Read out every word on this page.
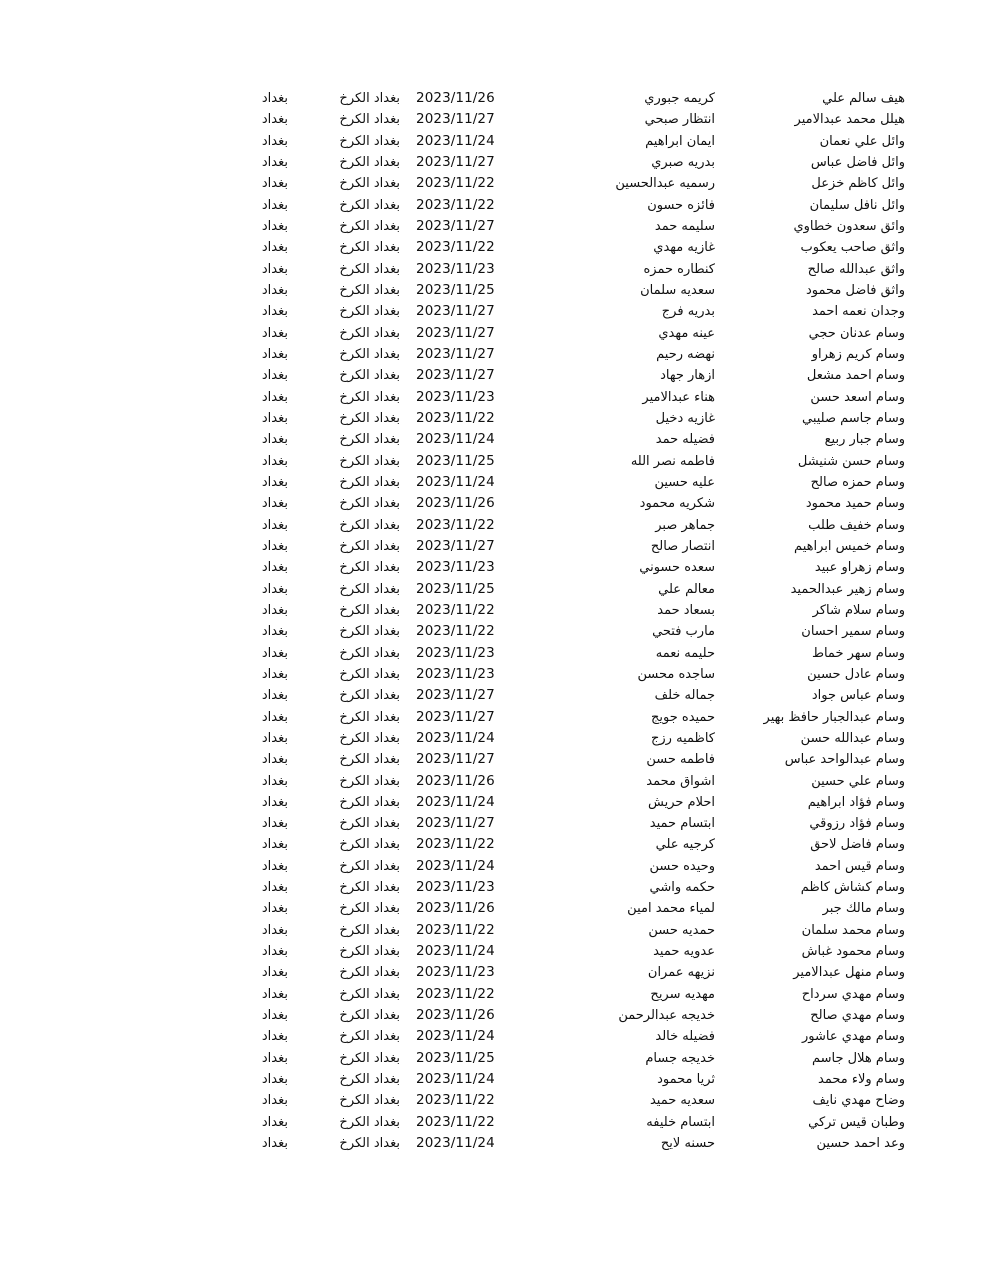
هيف سالم علي
كريمه جبوري
2023/11/26
بغداد الكرخ
بغداد
هيلل محمد عبدالامير
انتظار صبحي
2023/11/27
بغداد الكرخ
بغداد
وائل علي نعمان
ايمان ابراهيم
2023/11/24
بغداد الكرخ
بغداد
وائل فاضل عباس
بدريه صبري
2023/11/27
بغداد الكرخ
بغداد
وائل كاظم خزعل
رسميه عبدالحسين
2023/11/22
بغداد الكرخ
بغداد
وائل نافل سليمان
فائزه حسون
2023/11/22
بغداد الكرخ
بغداد
وائق سعدون خطاوي
سليمه حمد
2023/11/27
بغداد الكرخ
بغداد
واثق صاحب يعكوب
غازيه مهدي
2023/11/22
بغداد الكرخ
بغداد
واثق عبدالله صالح
كنطاره حمزه
2023/11/23
بغداد الكرخ
بغداد
واثق فاضل محمود
سعديه سلمان
2023/11/25
بغداد الكرخ
بغداد
وجدان نعمه احمد
بدريه فرج
2023/11/27
بغداد الكرخ
بغداد
وسام عدنان حجي
عينه مهدي
2023/11/27
بغداد الكرخ
بغداد
وسام كريم زهراو
نهضه رحيم
2023/11/27
بغداد الكرخ
بغداد
وسام احمد مشعل
ازهار جهاد
2023/11/27
بغداد الكرخ
بغداد
وسام اسعد حسن
هناء عبدالامير
2023/11/23
بغداد الكرخ
بغداد
وسام جاسم صليبي
غازيه دخيل
2023/11/22
بغداد الكرخ
بغداد
وسام جبار ربيع
فضيله حمد
2023/11/24
بغداد الكرخ
بغداد
وسام حسن شنيشل
فاطمه نصر الله
2023/11/25
بغداد الكرخ
بغداد
وسام حمزه صالح
عليه حسين
2023/11/24
بغداد الكرخ
بغداد
وسام حميد محمود
شكريه محمود
2023/11/26
بغداد الكرخ
بغداد
وسام خفيف طلب
جماهر صبر
2023/11/22
بغداد الكرخ
بغداد
وسام خميس ابراهيم
انتصار صالح
2023/11/27
بغداد الكرخ
بغداد
وسام زهراو عبيد
سعده حسوني
2023/11/23
بغداد الكرخ
بغداد
وسام زهير عبدالحميد
معالم علي
2023/11/25
بغداد الكرخ
بغداد
وسام سلام شاكر
بسعاد حمد
2023/11/22
بغداد الكرخ
بغداد
وسام سمير احسان
مارب فتحي
2023/11/22
بغداد الكرخ
بغداد
وسام سهر خماط
حليمه نعمه
2023/11/23
بغداد الكرخ
بغداد
وسام عادل حسين
ساجده محسن
2023/11/23
بغداد الكرخ
بغداد
وسام عباس جواد
جماله خلف
2023/11/27
بغداد الكرخ
بغداد
وسام عبدالجبار حافظ بهير
حميده جويج
2023/11/27
بغداد الكرخ
بغداد
وسام عبدالله حسن
كاظميه رزج
2023/11/24
بغداد الكرخ
بغداد
وسام عبدالواحد عباس
فاطمه حسن
2023/11/27
بغداد الكرخ
بغداد
وسام علي حسين
اشواق محمد
2023/11/26
بغداد الكرخ
بغداد
وسام فؤاد ابراهيم
احلام حريش
2023/11/24
بغداد الكرخ
بغداد
وسام فؤاد رزوقي
ابتسام حميد
2023/11/27
بغداد الكرخ
بغداد
وسام فاضل لاحق
كرجيه علي
2023/11/22
بغداد الكرخ
بغداد
وسام قيس احمد
وحيده حسن
2023/11/24
بغداد الكرخ
بغداد
وسام كشاش كاظم
حكمه واشي
2023/11/23
بغداد الكرخ
بغداد
وسام مالك جبر
لمياء محمد امين
2023/11/26
بغداد الكرخ
بغداد
وسام محمد سلمان
حمديه حسن
2023/11/22
بغداد الكرخ
بغداد
وسام محمود غباش
عدويه حميد
2023/11/24
بغداد الكرخ
بغداد
وسام منهل عبدالامير
نزيهه عمران
2023/11/23
بغداد الكرخ
بغداد
وسام مهدي سرداح
مهديه سريح
2023/11/22
بغداد الكرخ
بغداد
وسام مهدي صالح
خديجه عبدالرحمن
2023/11/26
بغداد الكرخ
بغداد
وسام مهدي عاشور
فضيله خالد
2023/11/24
بغداد الكرخ
بغداد
وسام هلال جاسم
خديجه جسام
2023/11/25
بغداد الكرخ
بغداد
وسام ولاء محمد
ثريا محمود
2023/11/24
بغداد الكرخ
بغداد
وضاح مهدي نايف
سعديه حميد
2023/11/22
بغداد الكرخ
بغداد
وطبان قيس تركي
ابتسام خليفه
2023/11/22
بغداد الكرخ
بغداد
وعد احمد حسين
حسنه لايح
2023/11/24
بغداد الكرخ
بغداد
